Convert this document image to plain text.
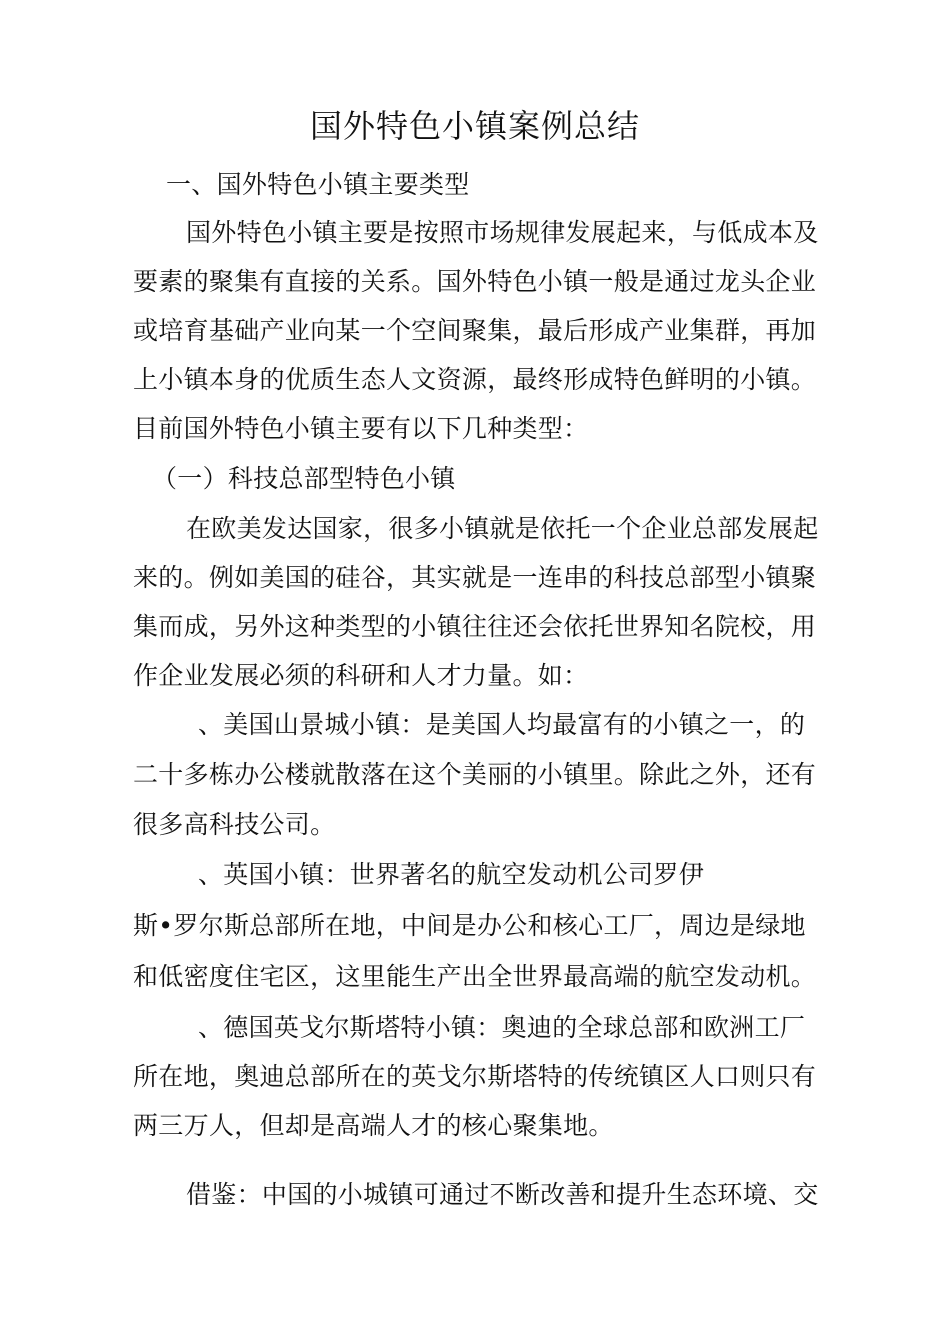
国外特色小镇案例总结
一、国外特色小镇主要类型
国外特色小镇主要是按照市场规律发展起来，与低成本及
要素的聚集有直接的关系。国外特色小镇一般是通过龙头企业
或培育基础产业向某一个空间聚集，最后形成产业集群，再加
上小镇本身的优质生态人文资源，最终形成特色鲜明的小镇。
目前国外特色小镇主要有以下几种类型：
（一）科技总部型特色小镇
在欧美发达国家，很多小镇就是依托一个企业总部发展起
来的。例如美国的硅谷，其实就是一连串的科技总部型小镇聚
集而成，另外这种类型的小镇往往还会依托世界知名院校，用
作企业发展必须的科研和人才力量。如：
、美国山景城小镇：是美国人均最富有的小镇之一，的
二十多栋办公楼就散落在这个美丽的小镇里。除此之外，还有
很多高科技公司。
、英国小镇：世界著名的航空发动机公司罗伊
斯•罗尔斯总部所在地，中间是办公和核心工厂，周边是绿地
和低密度住宅区，这里能生产出全世界最高端的航空发动机。
、德国英戈尔斯塔特小镇：奥迪的全球总部和欧洲工厂
所在地，奥迪总部所在的英戈尔斯塔特的传统镇区人口则只有
两三万人，但却是高端人才的核心聚集地。
借鉴：中国的小城镇可通过不断改善和提升生态环境、交
